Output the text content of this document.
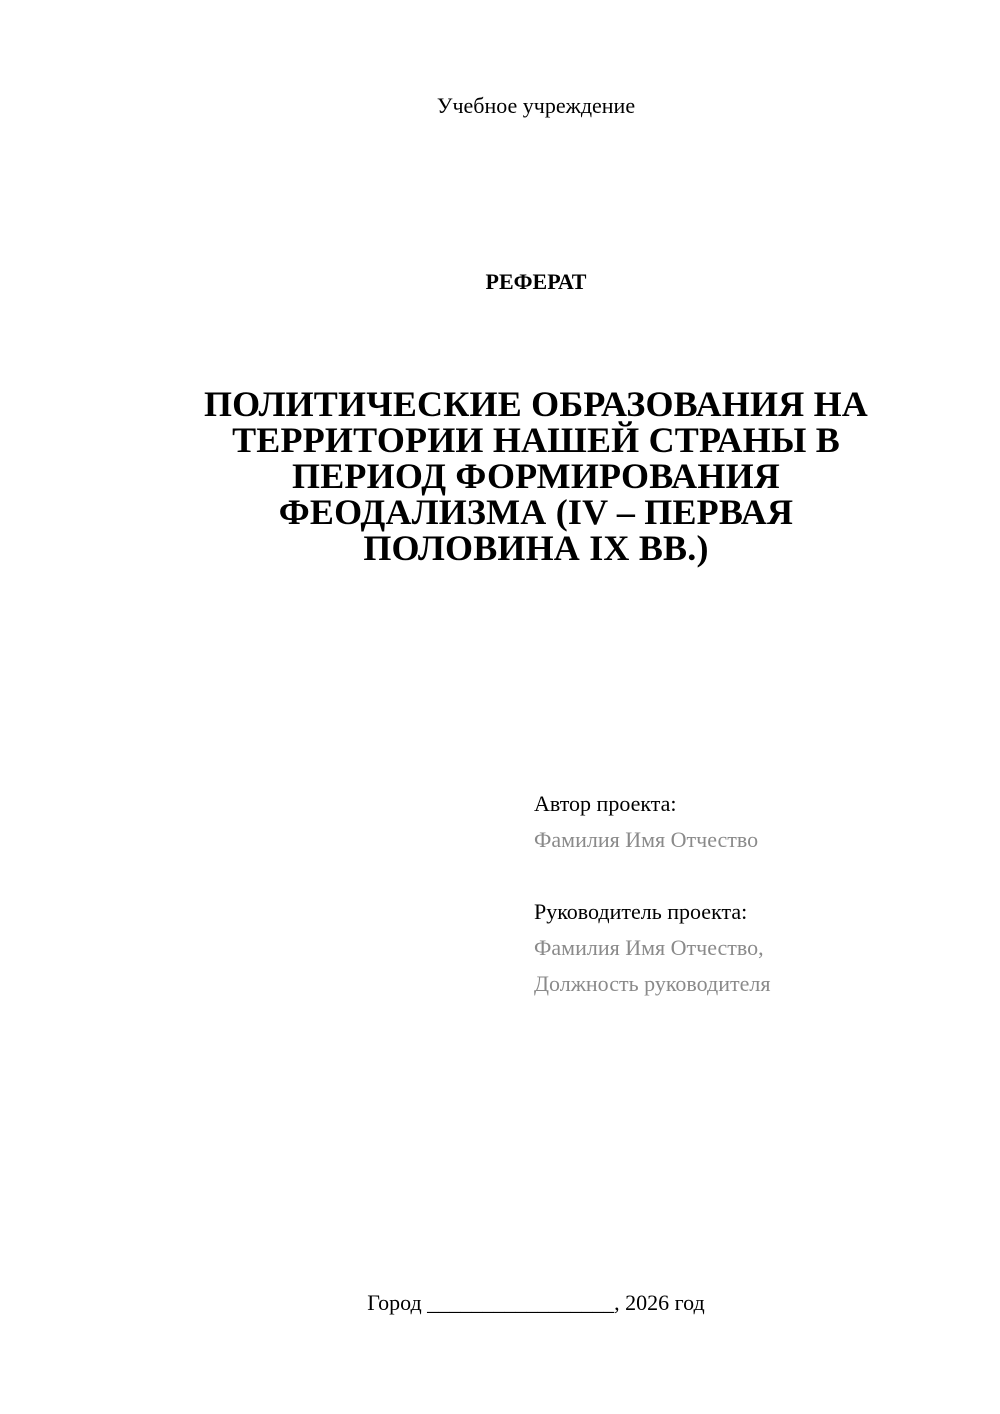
Учебное учреждение
РЕФЕРАТ
ПОЛИТИЧЕСКИЕ ОБРАЗОВАНИЯ НА
ТЕРРИТОРИИ НАШЕЙ СТРАНЫ В
ПЕРИОД ФОРМИРОВАНИЯ
ФЕОДАЛИЗМА (IV – ПЕРВАЯ
ПОЛОВИНА IX ВВ.)
Автор проекта:
Фамилия Имя Отчество
Руководитель проекта:
Фамилия Имя Отчество,
Должность руководителя
Город _________________, 2026 год
